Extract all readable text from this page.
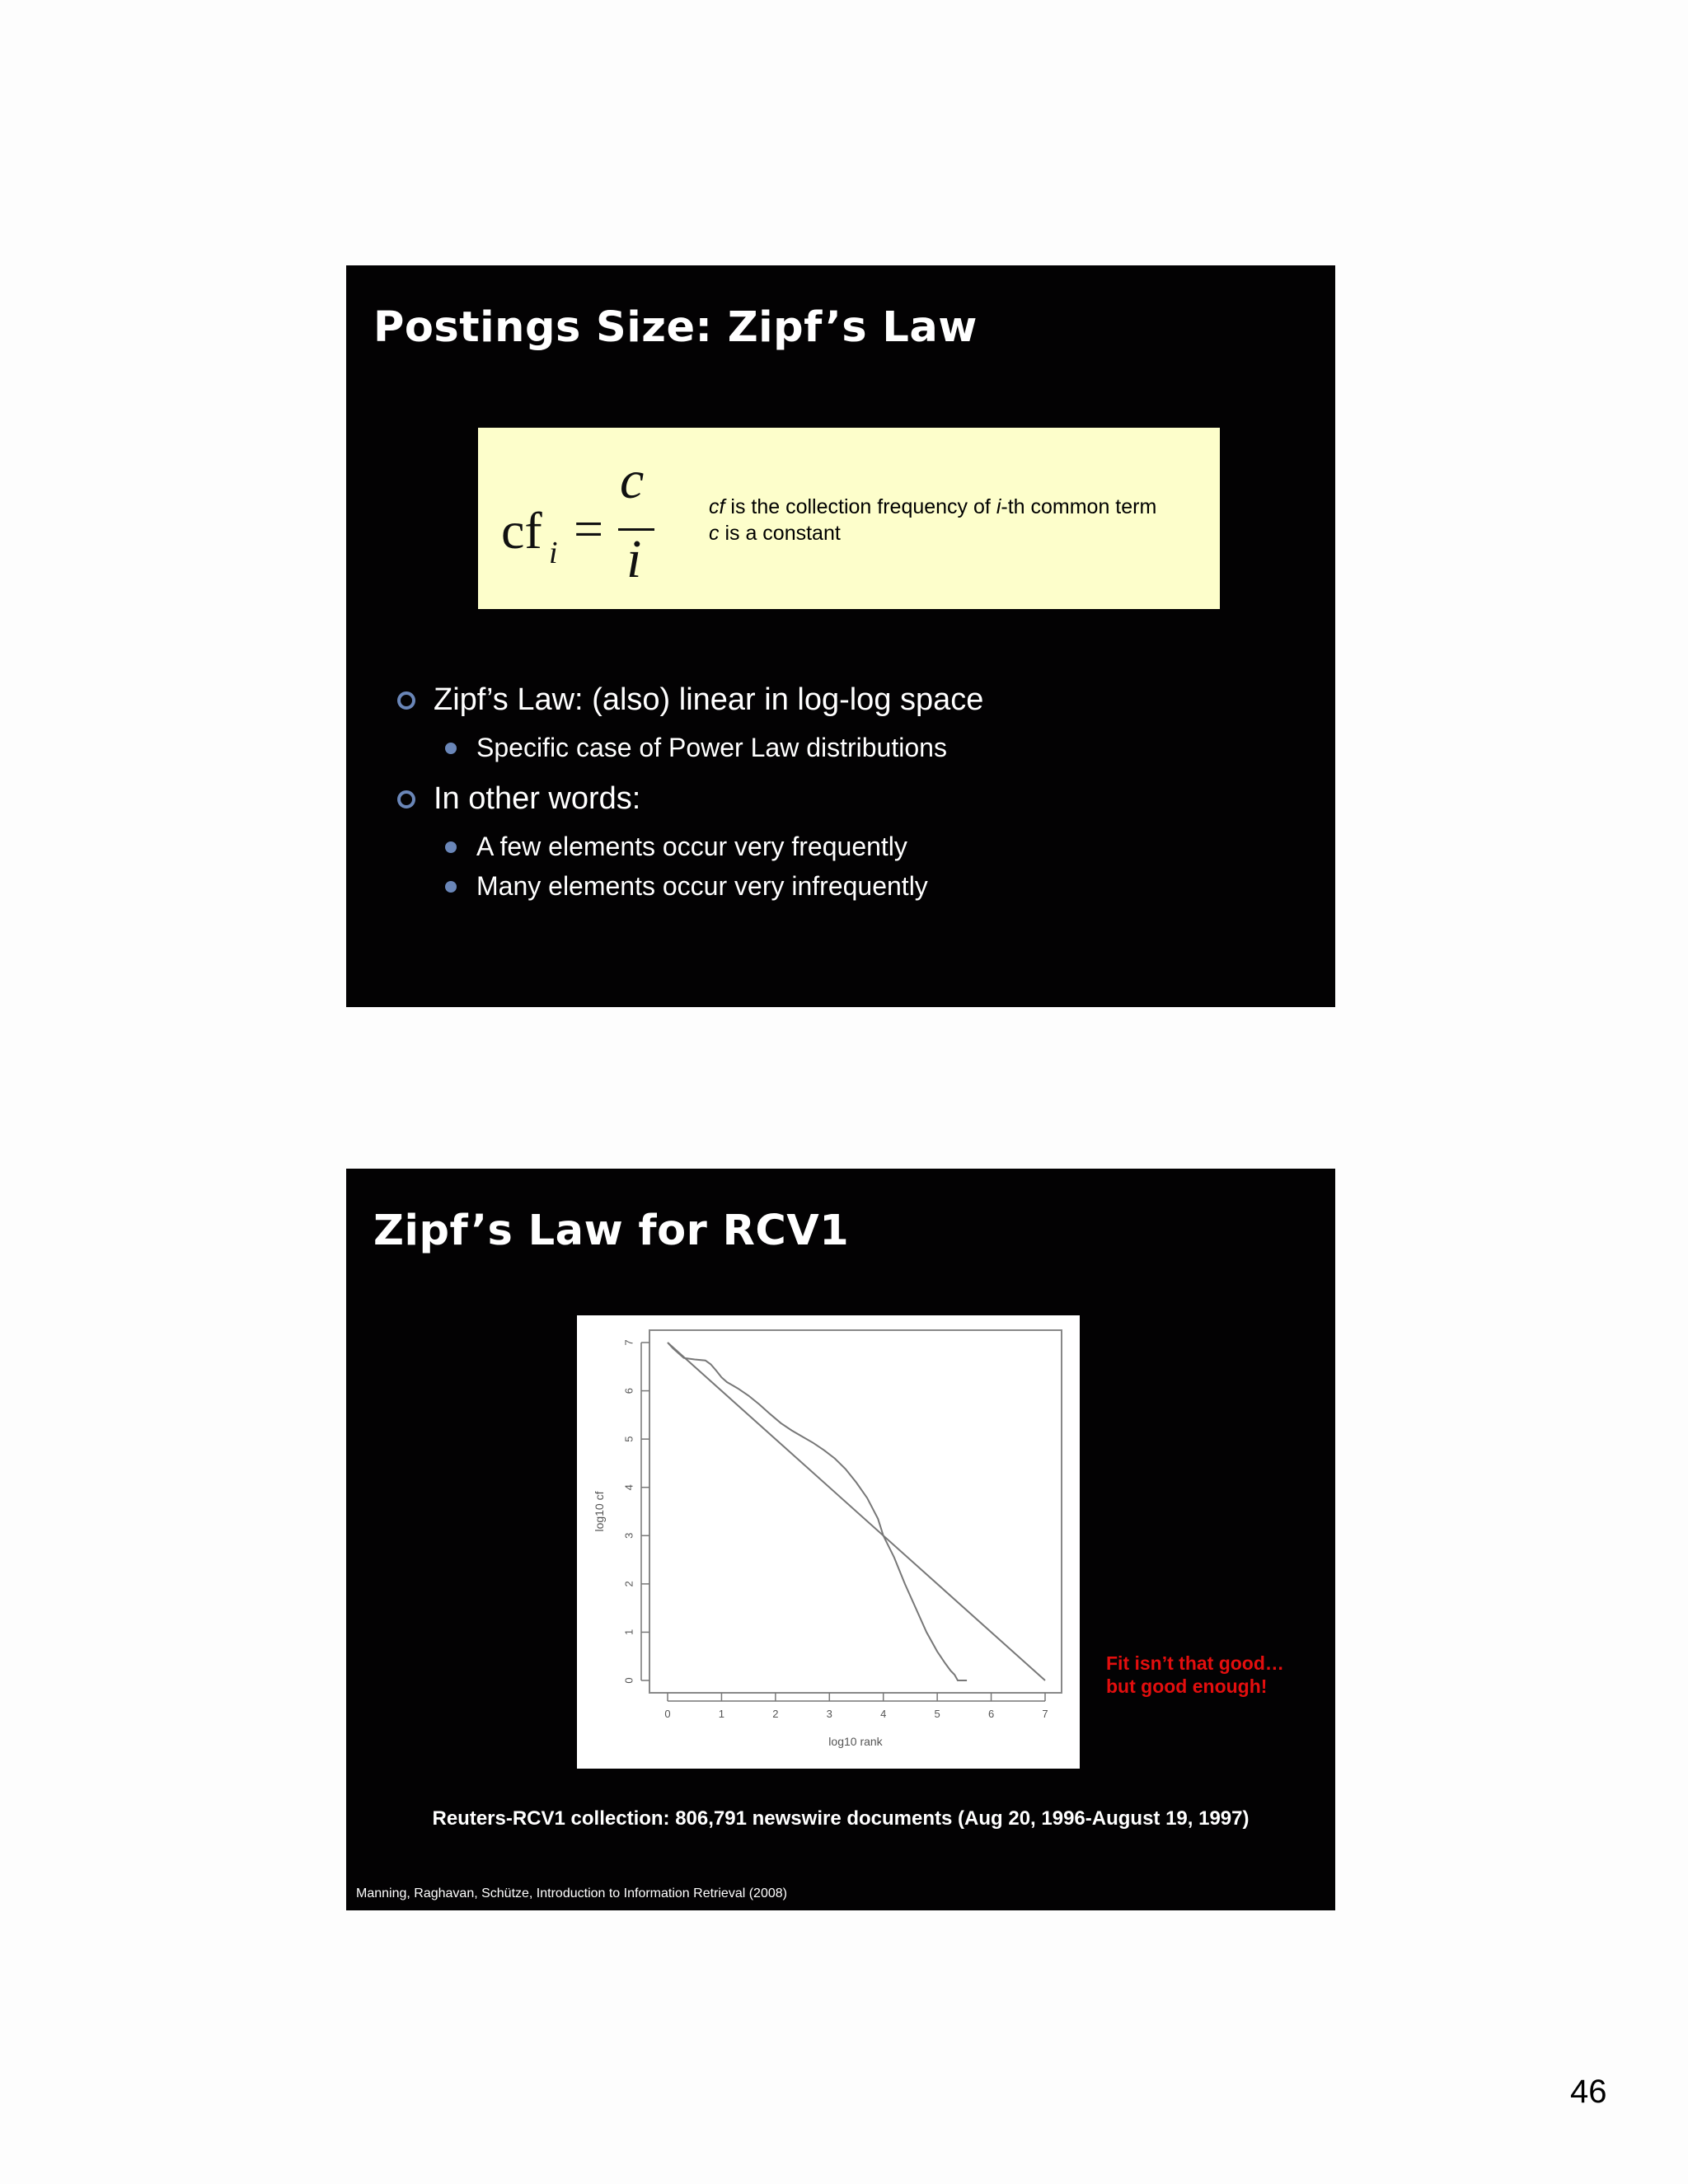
Postings Size: Zipf’s Law
cf i =
c
i

cf is the collection frequency of i-th common term

c is a constant

Zipf’s Law: (also) linear in log-log space
Specific case of Power Law distributions
In other words:
A few elements occur very frequently
Many elements occur very infrequently
Zipf’s Law for RCV1
0	1	2	3	4	5	6	7
log10 rank
0
1
2
3
4
5
6
7
log10 cf
Fit isn’t that good…
but good enough!
Reuters-RCV1 collection: 806,791 newswire documents (Aug 20, 1996-August 19, 1997)
Manning, Raghavan, Schütze, Introduction to Information Retrieval (2008)
46
